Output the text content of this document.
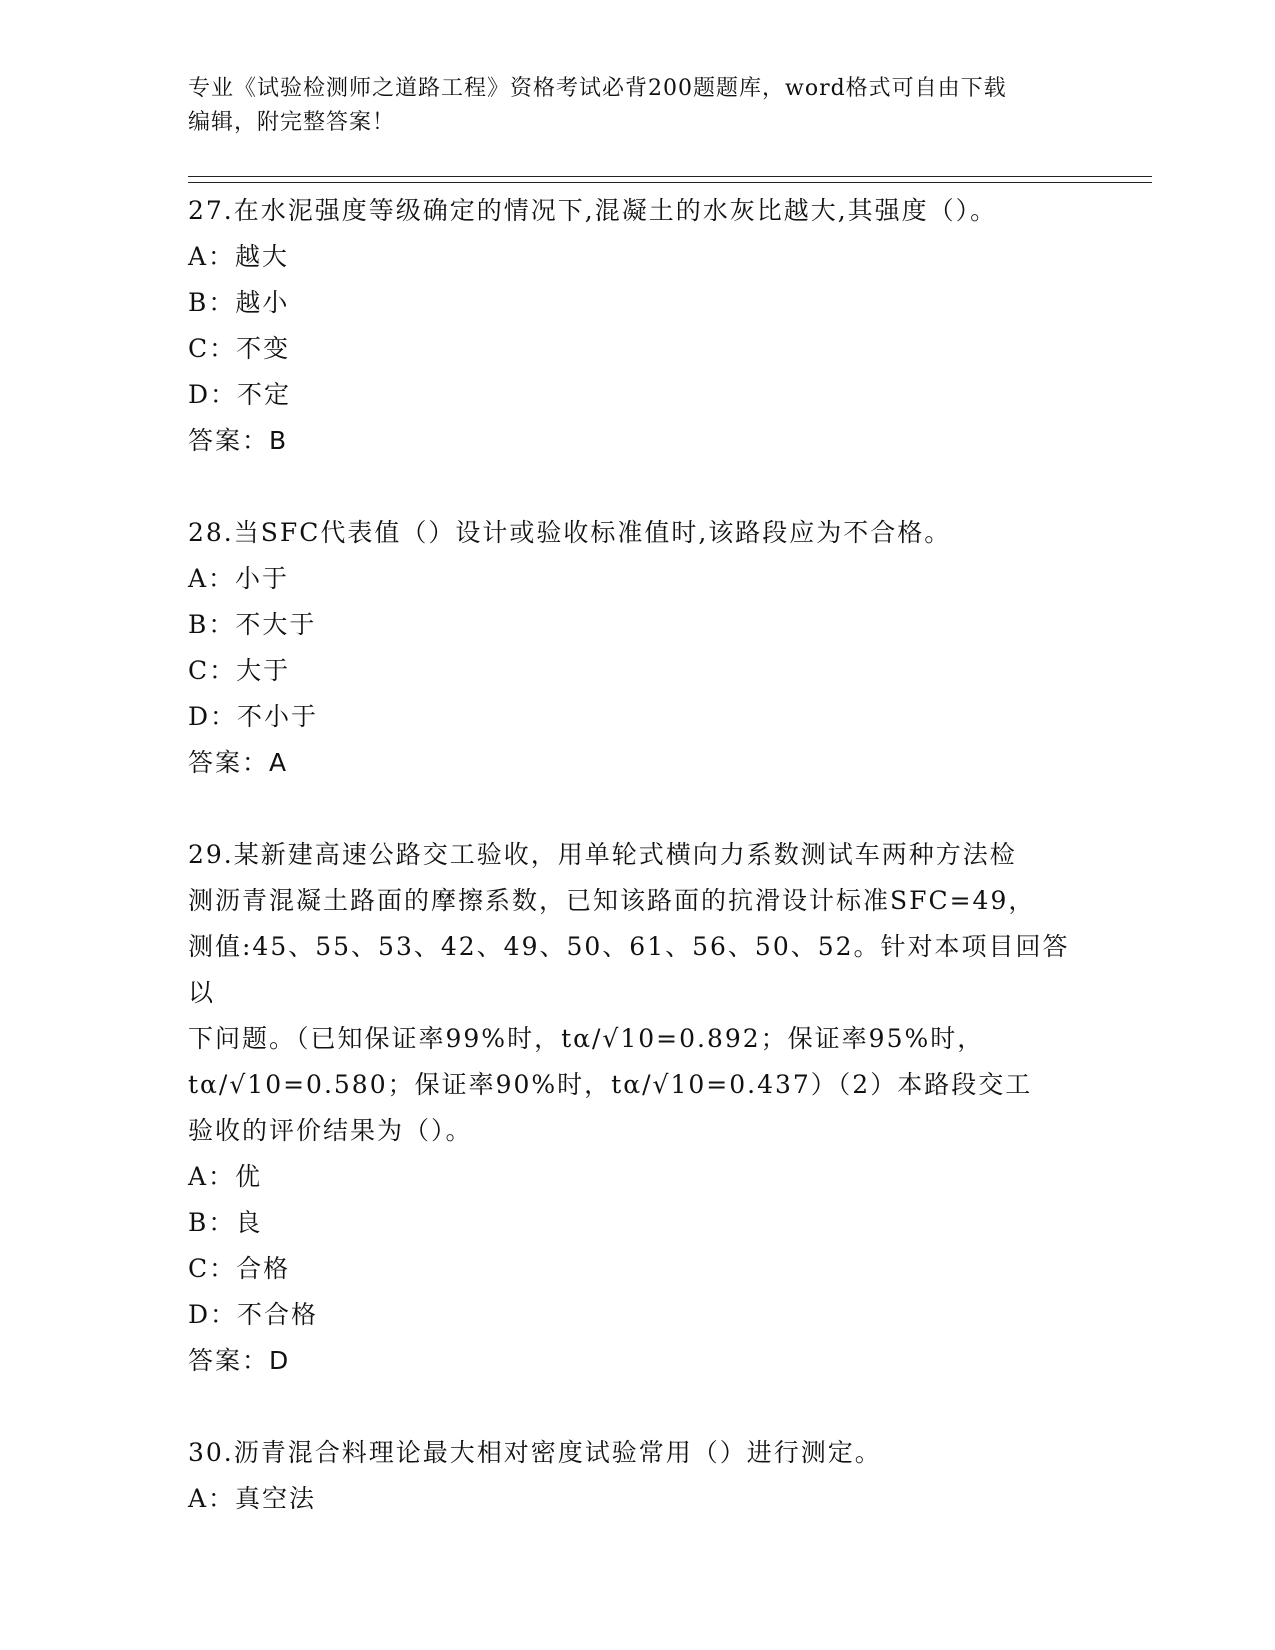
专业《试验检测师之道路工程》资格考试必背200题题库，word格式可自由下载
编辑，附完整答案！
27.在水泥强度等级确定的情况下,混凝土的水灰比越大,其强度（）。
A：越大
B：越小
C：不变
D：不定
答案：B
28.当SFC代表值（）设计或验收标准值时,该路段应为不合格。
A：小于
B：不大于
C：大于
D：不小于
答案：A
29.某新建高速公路交工验收，用单轮式横向力系数测试车两种方法检
测沥青混凝土路面的摩擦系数，已知该路面的抗滑设计标准SFC=49，
测值:45、55、53、42、49、50、61、56、50、52。针对本项目回答以
下问题。（已知保证率99%时，tα/√10=0.892；保证率95%时，
tα/√10=0.580；保证率90%时，tα/√10=0.437）（2）本路段交工
验收的评价结果为（）。
A：优
B：良
C：合格
D：不合格
答案：D
30.沥青混合料理论最大相对密度试验常用（）进行测定。
A：真空法
